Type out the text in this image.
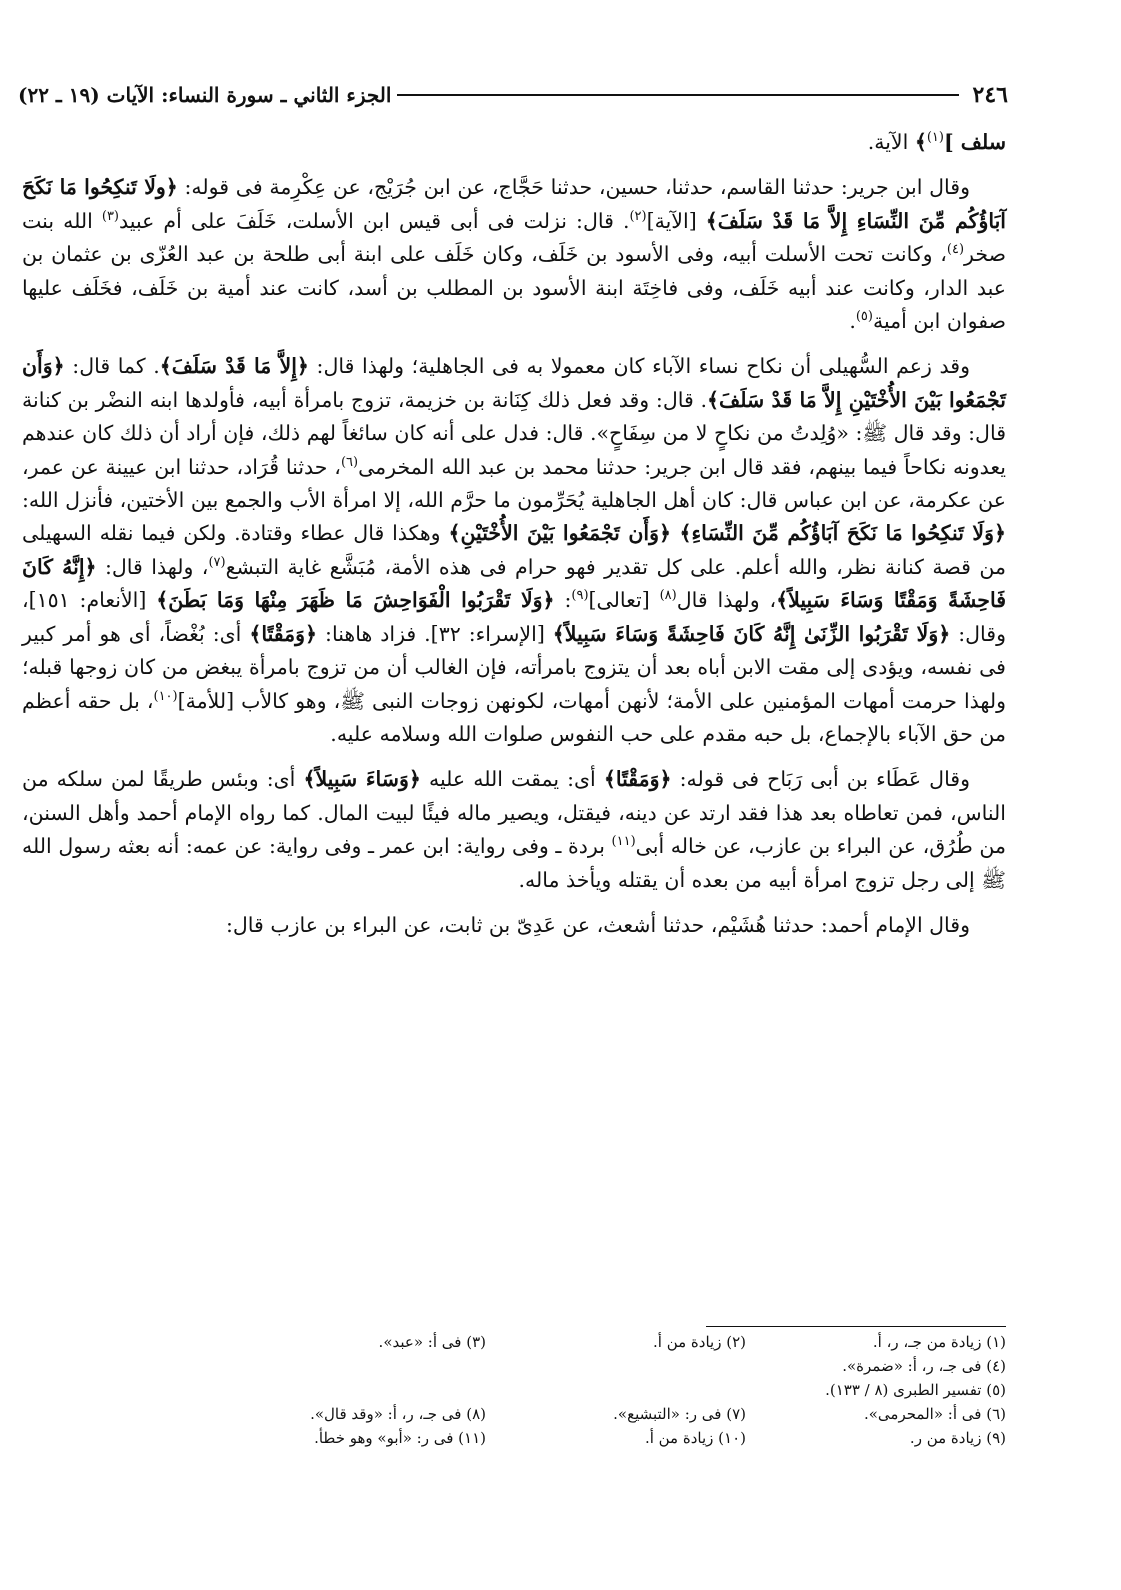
٢٤٦
الجزء الثاني ـ سورة النساء: الآيات (١٩ ـ ٢٢)

سلف ]$^{(١)}$﴾ الآية.

وقال ابن جرير: حدثنا القاسم، حدثنا، حسين، حدثنا حَجَّاج، عن ابن جُرَيْج، عن عِكْرِمة فى قوله: ﴿ولَا تَنكِحُوا مَا نَكَحَ آبَاؤُكُم مِّنَ النِّسَاءِ إِلاَّ مَا قَدْ سَلَفَ﴾ [الآية]$^{(٢)}$. قال: نزلت فى أبى قيس ابن الأسلت، خَلَفَ على أم عبيد$^{(٣)}$ الله بنت صخر$^{(٤)}$، وكانت تحت الأسلت أبيه، وفى الأسود بن خَلَف، وكان خَلَف على ابنة أبى طلحة بن عبد العُزّى بن عثمان بن عبد الدار، وكانت عند أبيه خَلَف، وفى فاخِتَة ابنة الأسود بن المطلب بن أسد، كانت عند أمية بن خَلَف، فخَلَف عليها صفوان ابن أمية$^{(٥)}$.

وقد زعم السُّهيلى أن نكاح نساء الآباء كان معمولا به فى الجاهلية؛ ولهذا قال: ﴿إِلاَّ مَا قَدْ سَلَفَ﴾. كما قال: ﴿وَأَن تَجْمَعُوا بَيْنَ الأُخْتَيْنِ إِلاَّ مَا قَدْ سَلَفَ﴾. قال: وقد فعل ذلك كِنَانة بن خزيمة، تزوج بامرأة أبيه، فأولدها ابنه النضْر بن كنانة قال: وقد قال ﷺ: «وُلِدتُ من نكاحٍ لا من سِفَاحٍ». قال: فدل على أنه كان سائغاً لهم ذلك، فإن أراد أن ذلك كان عندهم يعدونه نكاحاً فيما بينهم، فقد قال ابن جرير: حدثنا محمد بن عبد الله المخرمى$^{(٦)}$، حدثنا قُرَاد، حدثنا ابن عيينة عن عمر، عن عكرمة، عن ابن عباس قال: كان أهل الجاهلية يُحَرِّمون ما حرَّم الله، إلا امرأة الأب والجمع بين الأختين، فأنزل الله: ﴿وَلَا تَنكِحُوا مَا نَكَحَ آبَاؤُكُم مِّنَ النِّسَاءِ﴾ ﴿وَأَن تَجْمَعُوا بَيْنَ الأُخْتَيْنِ﴾ وهكذا قال عطاء وقتادة. ولكن فيما نقله السهيلى من قصة كنانة نظر، والله أعلم. على كل تقدير فهو حرام فى هذه الأمة، مُبَشَّع غاية التبشع$^{(٧)}$، ولهذا قال: ﴿إِنَّهُ كَانَ فَاحِشَةً وَمَقْتًا وَسَاءَ سَبِيلاً﴾، ولهذا قال$^{(٨)}$ [تعالى]$^{(٩)}$: ﴿وَلَا تَقْرَبُوا الْفَوَاحِشَ مَا ظَهَرَ مِنْهَا وَمَا بَطَنَ﴾ [الأنعام: ١٥١]، وقال: ﴿وَلَا تَقْرَبُوا الزِّنَىٰ إِنَّهُ كَانَ فَاحِشَةً وَسَاءَ سَبِيلاً﴾ [الإسراء: ٣٢]. فزاد هاهنا: ﴿وَمَقْتًا﴾ أى: بُغْضاً، أى هو أمر كبير فى نفسه، ويؤدى إلى مقت الابن أباه بعد أن يتزوج بامرأته، فإن الغالب أن من تزوج بامرأة يبغض من كان زوجها قبله؛ ولهذا حرمت أمهات المؤمنين على الأمة؛ لأنهن أمهات، لكونهن زوجات النبى ﷺ، وهو كالأب [للأمة]$^{(١٠)}$، بل حقه أعظم من حق الآباء بالإجماع، بل حبه مقدم على حب النفوس صلوات الله وسلامه عليه.

وقال عَطَاء بن أبى رَبَاح فى قوله: ﴿وَمَقْتًا﴾ أى: يمقت الله عليه ﴿وَسَاءَ سَبِيلاً﴾ أى: وبئس طريقًا لمن سلكه من الناس، فمن تعاطاه بعد هذا فقد ارتد عن دينه، فيقتل، ويصير ماله فيئًا لبيت المال. كما رواه الإمام أحمد وأهل السنن، من طُرُق، عن البراء بن عازب، عن خاله أبى$^{(١١)}$ بردة ـ وفى رواية: ابن عمر ـ وفى رواية: عن عمه: أنه بعثه رسول الله ﷺ إلى رجل تزوج امرأة أبيه من بعده أن يقتله ويأخذ ماله.

وقال الإمام أحمد: حدثنا هُشَيْم، حدثنا أشعث، عن عَدِىّ بن ثابت، عن البراء بن عازب قال:

(١) زيادة من جـ، ر، أ.
(٢) زيادة من أ.
(٣) فى أ: «عبد».
(٤) فى جـ، ر، أ: «ضمرة».
(٥) تفسير الطبرى (٨ / ١٣٣).
(٦) فى أ: «المحرمى».
(٧) فى ر: «التبشيع».
(٨) فى جـ، ر، أ: «وقد قال».
(٩) زيادة من ر.
(١٠) زيادة من أ.
(١١) فى ر: «أبو» وهو خطأ.
